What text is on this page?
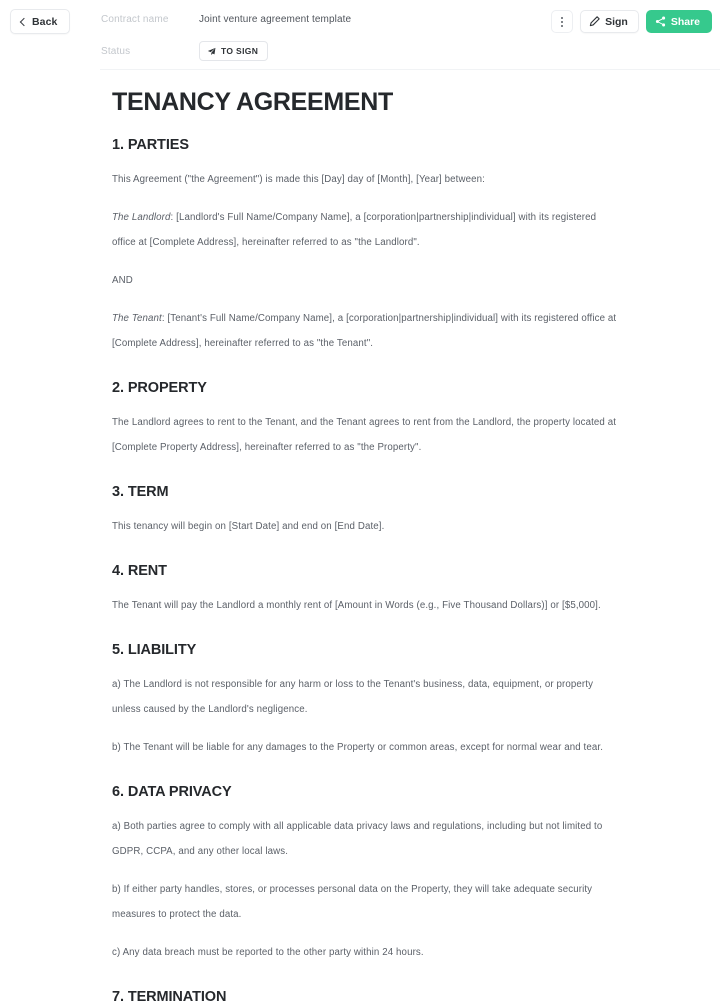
Back	Contract name	Joint venture agreement template
Status	TO SIGN
Sign	Share
TENANCY AGREEMENT
1. PARTIES

This Agreement ("the Agreement") is made this [Day] day of [Month], [Year] between:

The Landlord: [Landlord's Full Name/Company Name], a [corporation|partnership|individual] with its registered office at [Complete Address], hereinafter referred to as "the Landlord".

AND

The Tenant: [Tenant's Full Name/Company Name], a [corporation|partnership|individual] with its registered office at [Complete Address], hereinafter referred to as "the Tenant".

2. PROPERTY

The Landlord agrees to rent to the Tenant, and the Tenant agrees to rent from the Landlord, the property located at [Complete Property Address], hereinafter referred to as "the Property".

3. TERM

This tenancy will begin on [Start Date] and end on [End Date].

4. RENT

The Tenant will pay the Landlord a monthly rent of [Amount in Words (e.g., Five Thousand Dollars)] or [$5,000].

5. LIABILITY

a) The Landlord is not responsible for any harm or loss to the Tenant's business, data, equipment, or property unless caused by the Landlord's negligence.

b) The Tenant will be liable for any damages to the Property or common areas, except for normal wear and tear.

6. DATA PRIVACY

a) Both parties agree to comply with all applicable data privacy laws and regulations, including but not limited to GDPR, CCPA, and any other local laws.

b) If either party handles, stores, or processes personal data on the Property, they will take adequate security measures to protect the data.

c) Any data breach must be reported to the other party within 24 hours.

7. TERMINATION
